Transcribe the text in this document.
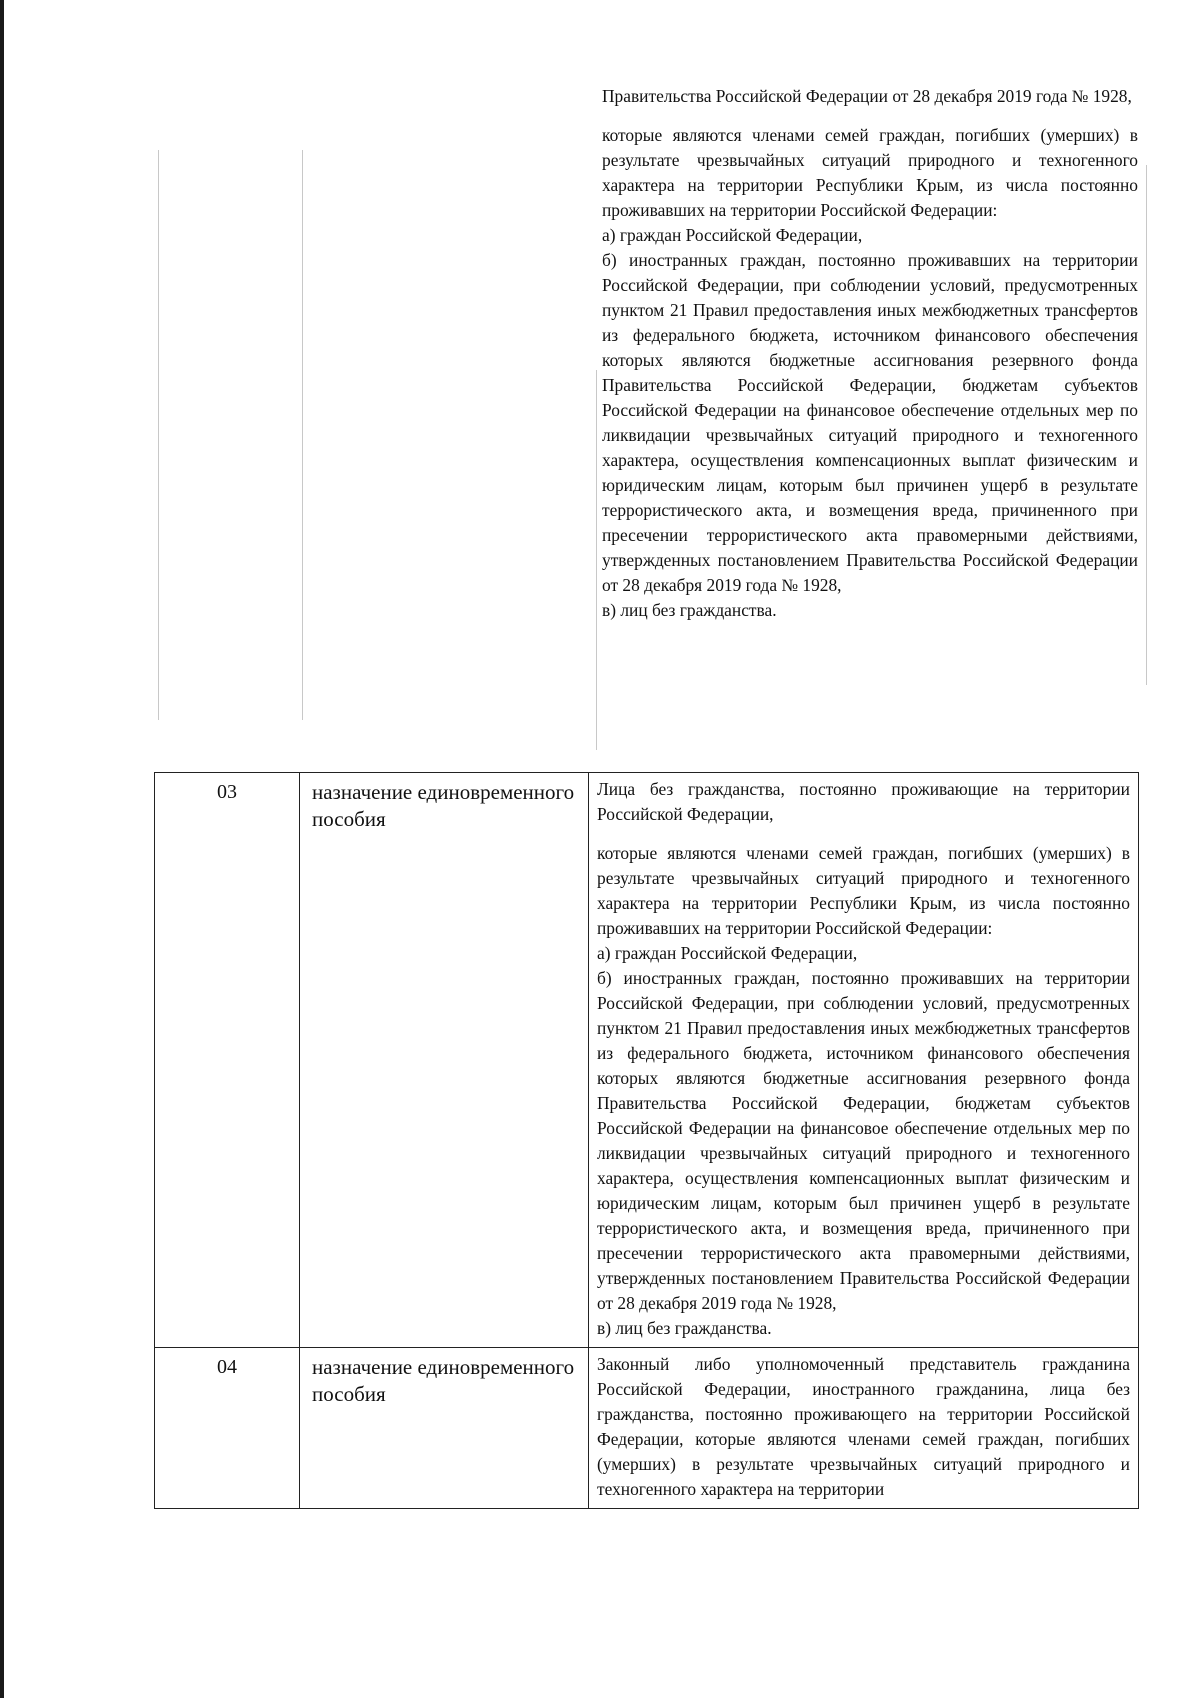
Правительства Российской Федерации от 28 декабря 2019 года № 1928,

которые являются членами семей граждан, погибших (умерших) в результате чрезвычайных ситуаций природного и техногенного характера на территории Республики Крым, из числа постоянно проживавших на территории Российской Федерации:

а) граждан Российской Федерации,

б) иностранных граждан, постоянно проживавших на территории Российской Федерации, при соблюдении условий, предусмотренных пунктом 21 Правил предоставления иных межбюджетных трансфертов из федерального бюджета, источником финансового обеспечения которых являются бюджетные ассигнования резервного фонда Правительства Российской Федерации, бюджетам субъектов Российской Федерации на финансовое обеспечение отдельных мер по ликвидации чрезвычайных ситуаций природного и техногенного характера, осуществления компенсационных выплат физическим и юридическим лицам, которым был причинен ущерб в результате террористического акта, и возмещения вреда, причиненного при пресечении террористического акта правомерными действиями, утвержденных постановлением Правительства Российской Федерации от 28 декабря 2019 года № 1928,

в) лиц без гражданства.

03	назначение единовременного пособия	Лица без гражданства, постоянно проживающие на территории Российской Федерации,

которые являются членами семей граждан, погибших (умерших) в результате чрезвычайных ситуаций природного и техногенного характера на территории Республики Крым, из числа постоянно проживавших на территории Российской Федерации:

а) граждан Российской Федерации,

б) иностранных граждан, постоянно проживавших на территории Российской Федерации, при соблюдении условий, предусмотренных пунктом 21 Правил предоставления иных межбюджетных трансфертов из федерального бюджета, источником финансового обеспечения которых являются бюджетные ассигнования резервного фонда Правительства Российской Федерации, бюджетам субъектов Российской Федерации на финансовое обеспечение отдельных мер по ликвидации чрезвычайных ситуаций природного и техногенного характера, осуществления компенсационных выплат физическим и юридическим лицам, которым был причинен ущерб в результате террористического акта, и возмещения вреда, причиненного при пресечении террористического акта правомерными действиями, утвержденных постановлением Правительства Российской Федерации от 28 декабря 2019 года № 1928,

в) лиц без гражданства.

04	назначение единовременного пособия	Законный либо уполномоченный представитель гражданина Российской Федерации, иностранного гражданина, лица без гражданства, постоянно проживающего на территории Российской Федерации, которые являются членами семей граждан, погибших (умерших) в результате чрезвычайных ситуаций природного и техногенного характера на территории
